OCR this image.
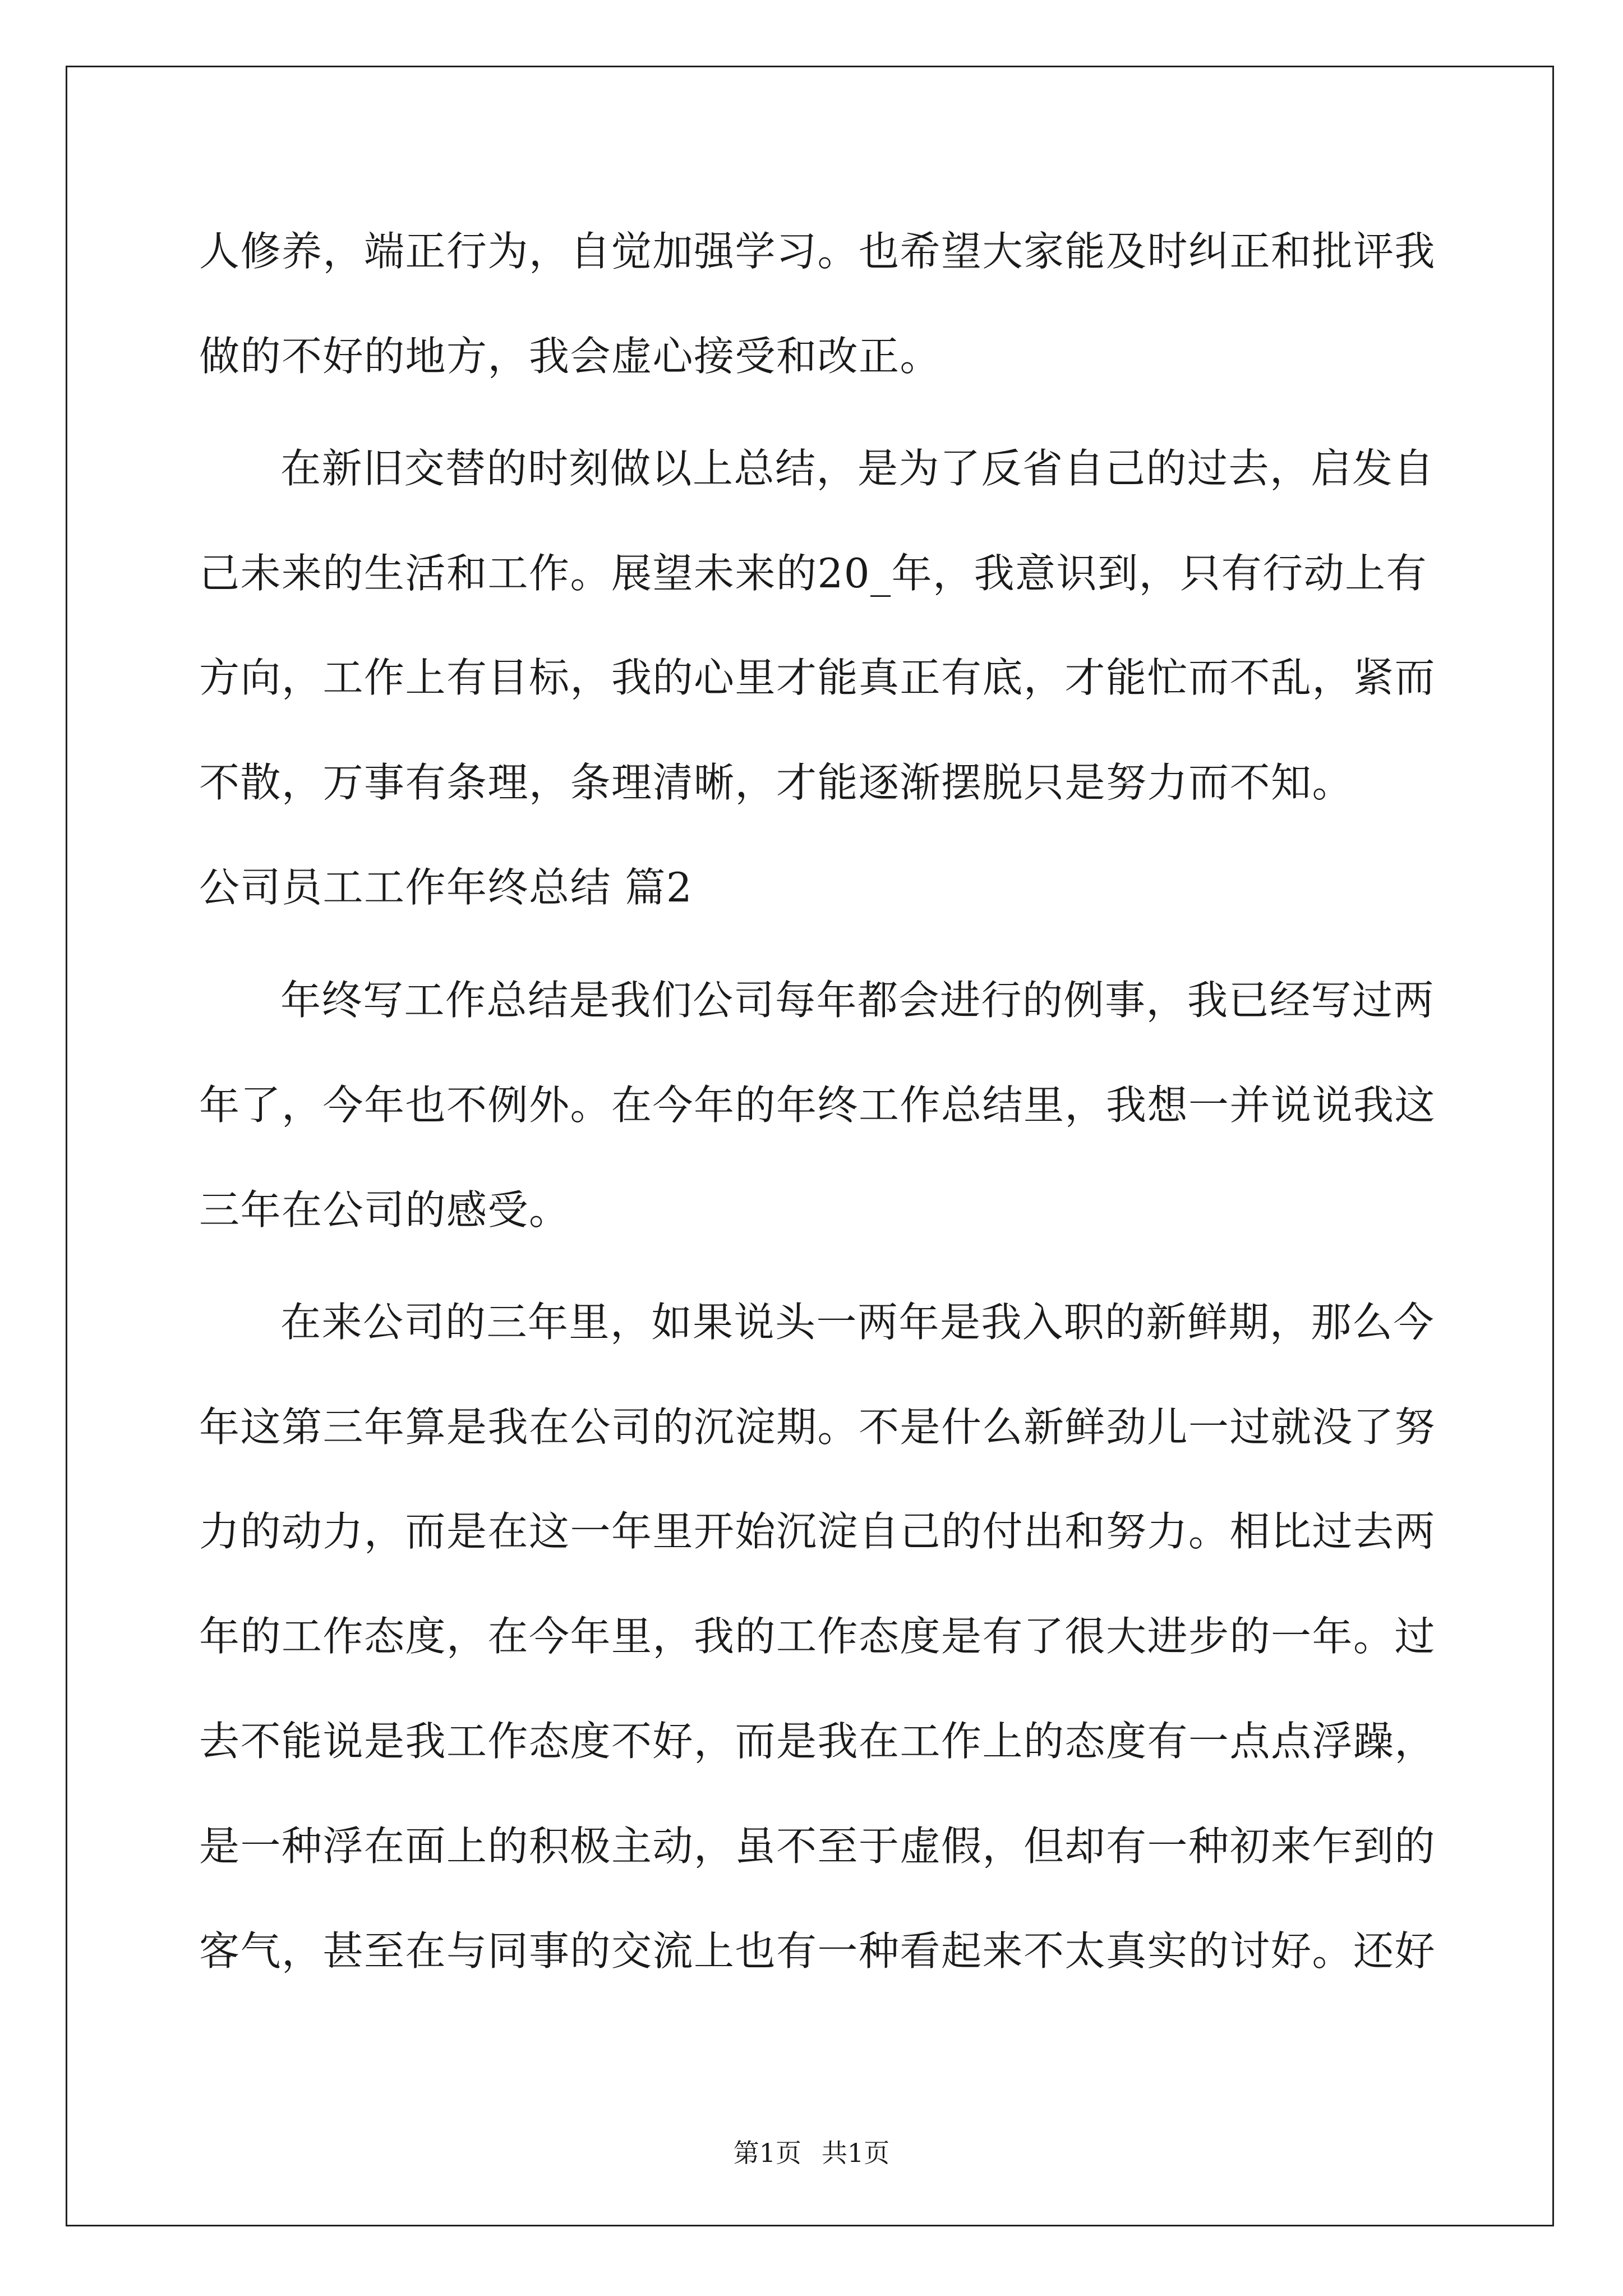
人修养，端正行为，自觉加强学习。也希望大家能及时纠正和批评我
做的不好的地方，我会虚心接受和改正。
在新旧交替的时刻做以上总结，是为了反省自己的过去，启发自
己未来的生活和工作。展望未来的20_年，我意识到，只有行动上有
方向，工作上有目标，我的心里才能真正有底，才能忙而不乱，紧而
不散，万事有条理，条理清晰，才能逐渐摆脱只是努力而不知。
公司员工工作年终总结 篇2
年终写工作总结是我们公司每年都会进行的例事，我已经写过两
年了，今年也不例外。在今年的年终工作总结里，我想一并说说我这
三年在公司的感受。
在来公司的三年里，如果说头一两年是我入职的新鲜期，那么今
年这第三年算是我在公司的沉淀期。不是什么新鲜劲儿一过就没了努
力的动力，而是在这一年里开始沉淀自己的付出和努力。相比过去两
年的工作态度，在今年里，我的工作态度是有了很大进步的一年。过
去不能说是我工作态度不好，而是我在工作上的态度有一点点浮躁，
是一种浮在面上的积极主动，虽不至于虚假，但却有一种初来乍到的
客气，甚至在与同事的交流上也有一种看起来不太真实的讨好。还好
第1页 共1页
